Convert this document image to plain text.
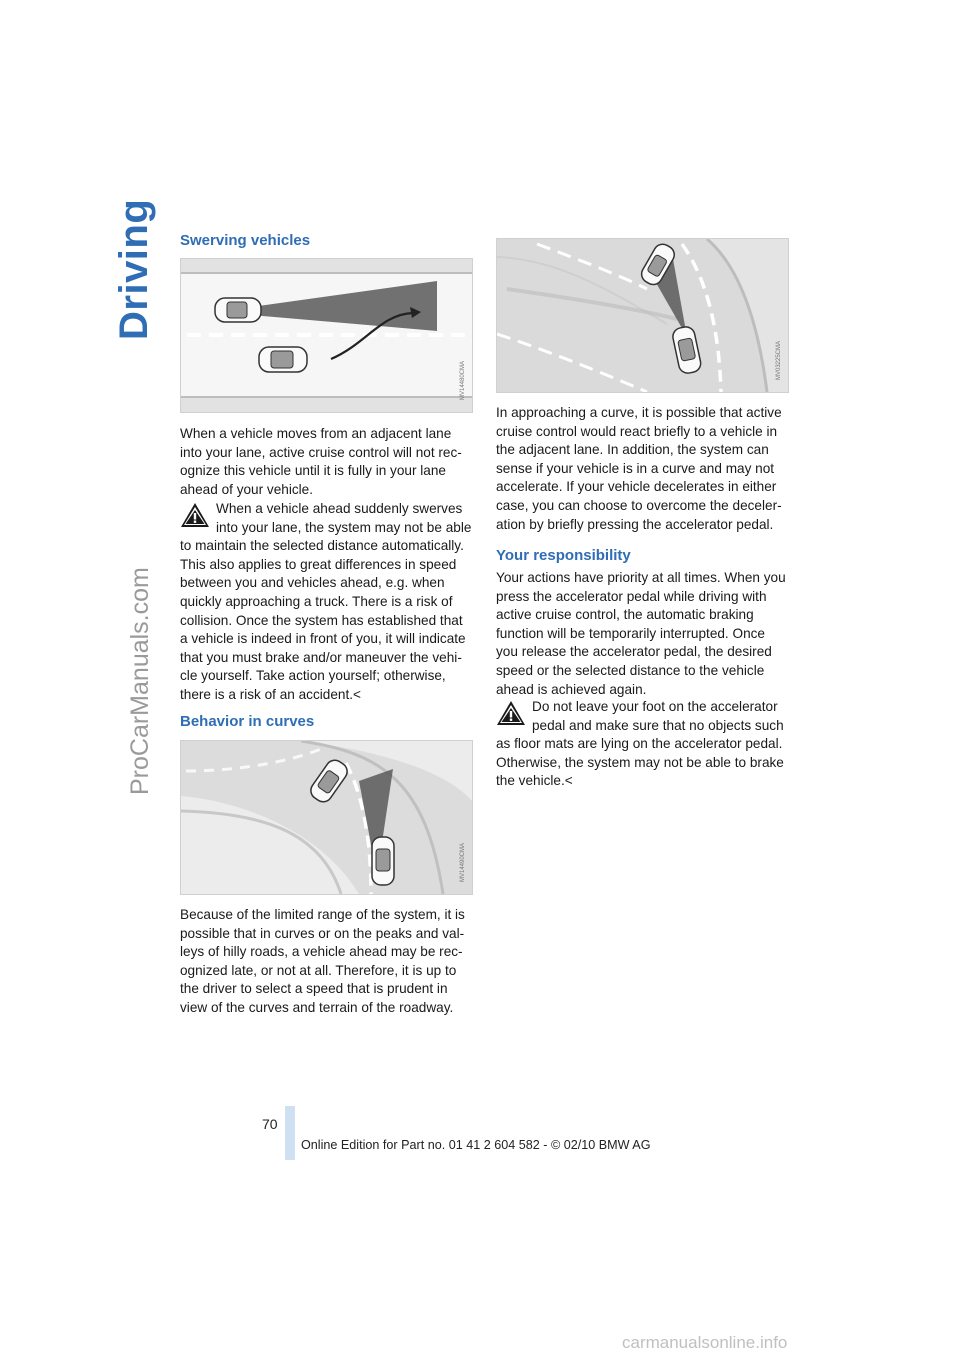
Driving
ProCarManuals.com
Swerving vehicles
MV14480CMA

When a vehicle moves from an adjacent lane into your lane, active cruise control will not rec-ognize this vehicle until it is fully in your lane ahead of your vehicle.

When a vehicle ahead suddenly swerves into your lane, the system may not be able
to maintain the selected distance automatically. This also applies to great differences in speed between you and vehicles ahead, e.g. when quickly approaching a truck. There is a risk of collision. Once the system has established that a vehicle is indeed in front of you, it will indicate that you must brake and/or maneuver the vehi-cle yourself. Take action yourself; otherwise, there is a risk of an accident.<

Behavior in curves
MV14490CMA

Because of the limited range of the system, it is possible that in curves or on the peaks and val-leys of hilly roads, a vehicle ahead may be rec-ognized late, or not at all. Therefore, it is up to the driver to select a speed that is prudent in view of the curves and terrain of the roadway.

MV03225CMA

In approaching a curve, it is possible that active cruise control would react briefly to a vehicle in the adjacent lane. In addition, the system can sense if your vehicle is in a curve and may not accelerate. If your vehicle decelerates in either case, you can choose to overcome the deceler-ation by briefly pressing the accelerator pedal.

Your responsibility

Your actions have priority at all times. When you press the accelerator pedal while driving with active cruise control, the automatic braking function will be temporarily interrupted. Once you release the accelerator pedal, the desired speed or the selected distance to the vehicle ahead is achieved again.

Do not leave your foot on the accelerator pedal and make sure that no objects such
as floor mats are lying on the accelerator pedal. Otherwise, the system may not be able to brake the vehicle.<

70
Online Edition for Part no. 01 41 2 604 582 - © 02/10 BMW AG
carmanualsonline.info
